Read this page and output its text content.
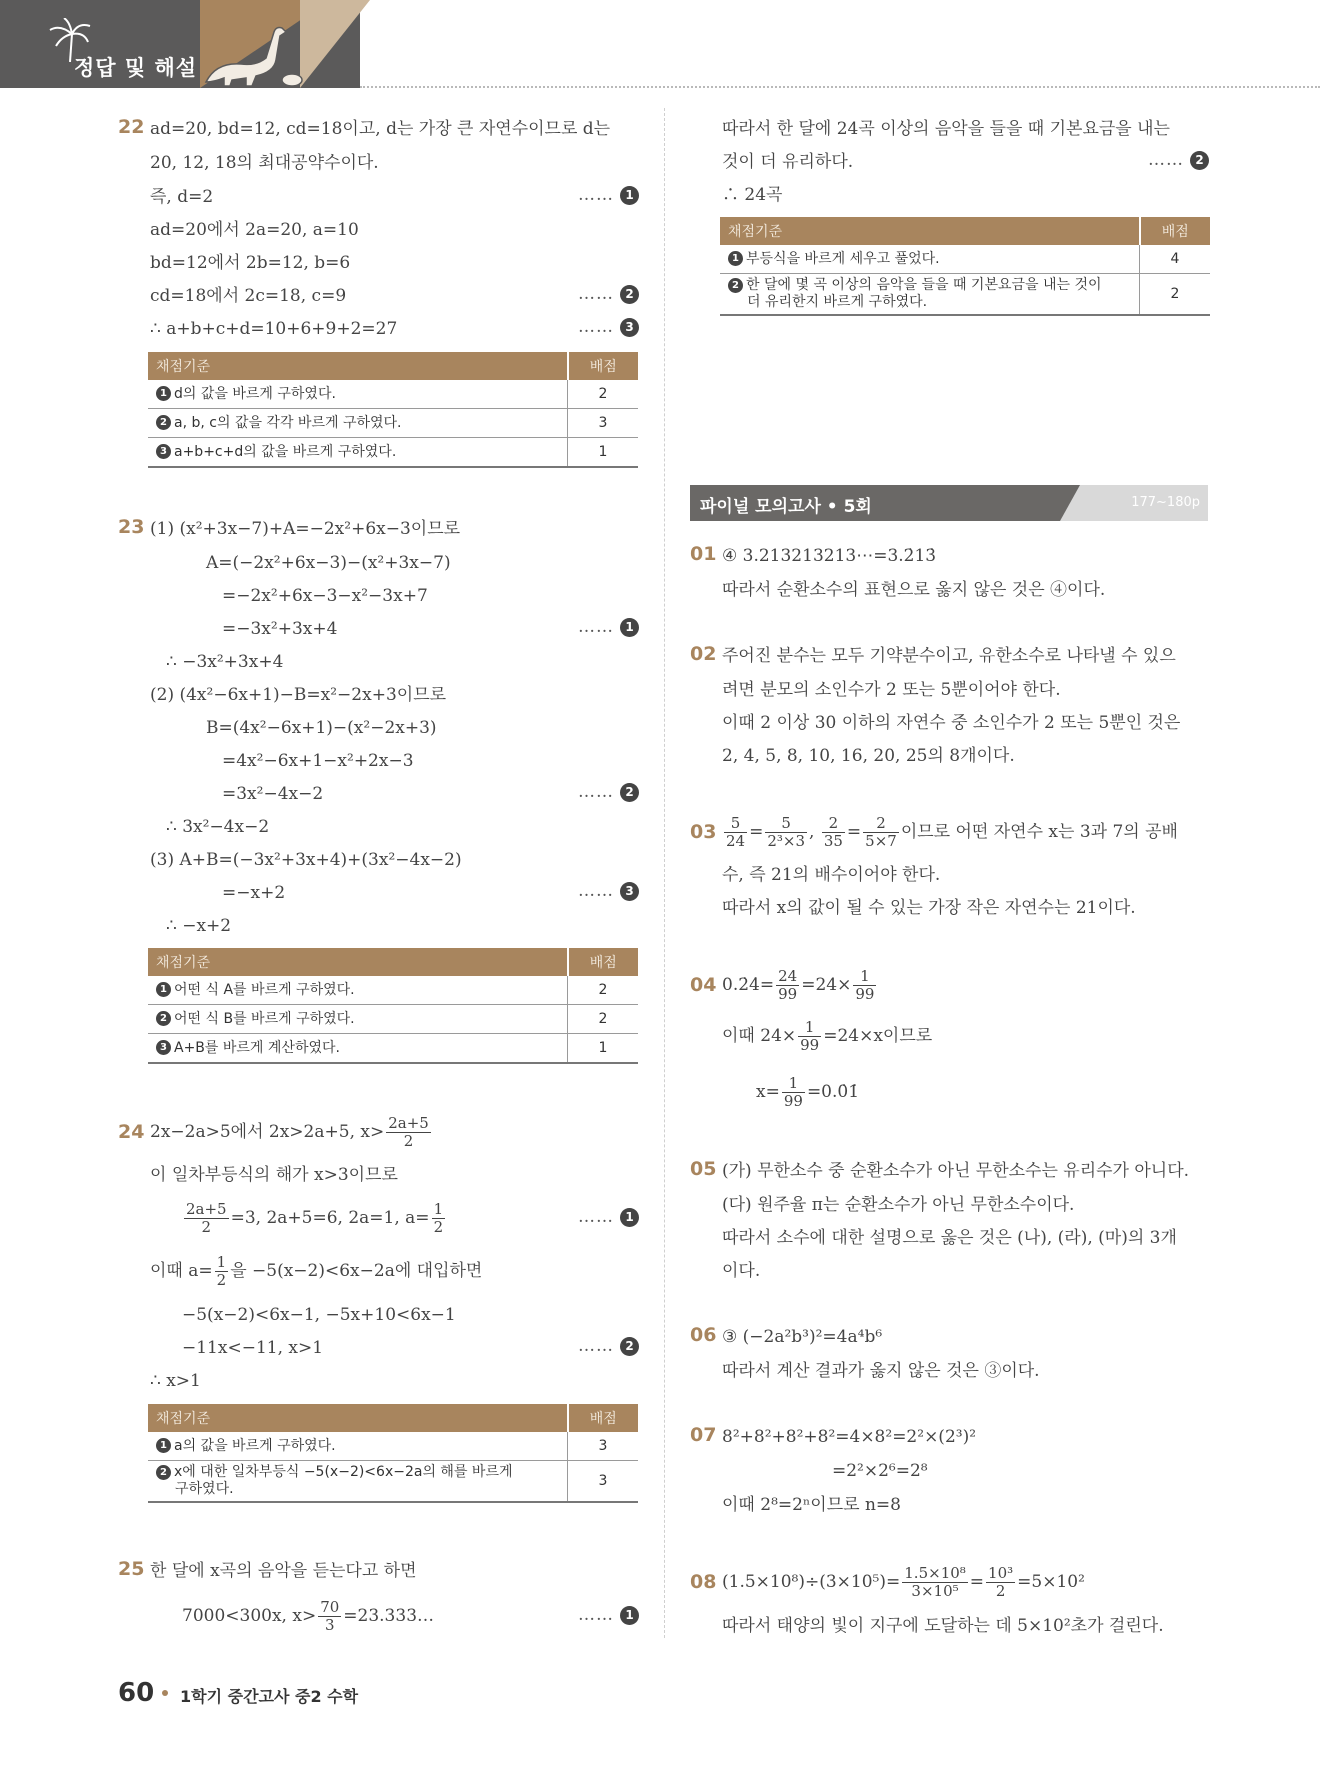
정답 및 해설
22 ad=20, bd=12, cd=18이고, d는 가장 큰 자연수이므로 d는
20, 12, 18의 최대공약수이다.
즉, d=2	…… 1
ad=20에서 2a=20, a=10
bd=12에서 2b=12, b=6
cd=18에서 2c=18, c=9	…… 2
∴ a+b+c+d=10+6+9+2=27	…… 3
채점기준	배점
1 d의 값을 바르게 구하였다.	2
2 a, b, c의 값을 각각 바르게 구하였다.	3
3 a+b+c+d의 값을 바르게 구하였다.	1
23 (1) (x²+3x−7)+A=−2x²+6x−3이므로
A=(−2x²+6x−3)−(x²+3x−7)
=−2x²+6x−3−x²−3x+7
=−3x²+3x+4	…… 1
∴ −3x²+3x+4
(2) (4x²−6x+1)−B=x²−2x+3이므로
B=(4x²−6x+1)−(x²−2x+3)
=4x²−6x+1−x²+2x−3
=3x²−4x−2	…… 2
∴ 3x²−4x−2
(3) A+B=(−3x²+3x+4)+(3x²−4x−2)
=−x+2	…… 3
∴ −x+2
채점기준	배점
1 어떤 식 A를 바르게 구하였다.	2
2 어떤 식 B를 바르게 구하였다.	2
3 A+B를 바르게 계산하였다.	1
24 2x−2a>5에서 2x>2a+5, $x> \frac{2a+5}{2}$
이 일차부등식의 해가 x>3이므로
$\frac{2a+5}{2} =3$, 2a+5=6, 2a=1, $a= \frac{1}{2}$	…… 1
이때 $a= \frac{1}{2}$ 을 −5(x−2)<6x−2a에 대입하면
−5(x−2)<6x−1, −5x+10<6x−1
−11x<−11, x>1	…… 2
∴ x>1
채점기준	배점
1 a의 값을 바르게 구하였다.	3
2 x에 대한 일차부등식 −5(x−2)<6x−2a의 해를 바르게
구하였다.	3
25 한 달에 x곡의 음악을 듣는다고 하면
7000<300x, $x> \frac{70}{3}$ =23.333…	…… 1
따라서 한 달에 24곡 이상의 음악을 들을 때 기본요금을 내는
것이 더 유리하다.	…… 2
∴ 24곡
채점기준	배점
1 부등식을 바르게 세우고 풀었다.	4
2 한 달에 몇 곡 이상의 음악을 들을 때 기본요금을 내는 것이
더 유리한지 바르게 구하였다.	2
파이널 모의고사 • 5회	177~180p
01 ④ 3.213213213⋯=3.2̇13̇
따라서 순환소수의 표현으로 옳지 않은 것은 ④이다.
02 주어진 분수는 모두 기약분수이고, 유한소수로 나타낼 수 있으
려면 분모의 소인수가 2 또는 5뿐이어야 한다.
이때 2 이상 30 이하의 자연수 중 소인수가 2 또는 5뿐인 것은
2, 4, 5, 8, 10, 16, 20, 25의 8개이다.
$03 \frac{5}{24} = \frac{5}{\text{2³×3}}$ , $\frac{2}{35} = \frac{2}{5\times 7}$ 이므로 어떤 자연수 x는 3과 7의 공배
수, 즉 21의 배수이어야 한다.
따라서 x의 값이 될 수 있는 가장 작은 자연수는 21이다.
04 0.2̇4̇= $\frac{24}{99} =24\times \frac{1}{99}$
이때 $24\times \frac{1}{99} =24\times x$이므로
$x= \frac{1}{99}$ =0.0̇1̇
05 (가) 무한소수 중 순환소수가 아닌 무한소수는 유리수가 아니다.
(다) 원주율 π는 순환소수가 아닌 무한소수이다.
따라서 소수에 대한 설명으로 옳은 것은 (나), (라), (마)의 3개
이다.
06 ③ (−2a²b³)²=4a⁴b⁶
따라서 계산 결과가 옳지 않은 것은 ③이다.
07 8²+8²+8²+8²=4×8²=2²×(2³)²
=2²×2⁶=2⁸
이때 2⁸=2ⁿ이므로 n=8
08 $(1.5\times 10^8)\div(3\times 10^5)= \frac{\text{1.5×10⁸}}{\text{3×10⁵}} = \frac{\text{10³}}{2} =5\times 10^2$
따라서 태양의 빛이 지구에 도달하는 데 5×10²초가 걸린다.
60 1학기 중간고사 중2 수학
